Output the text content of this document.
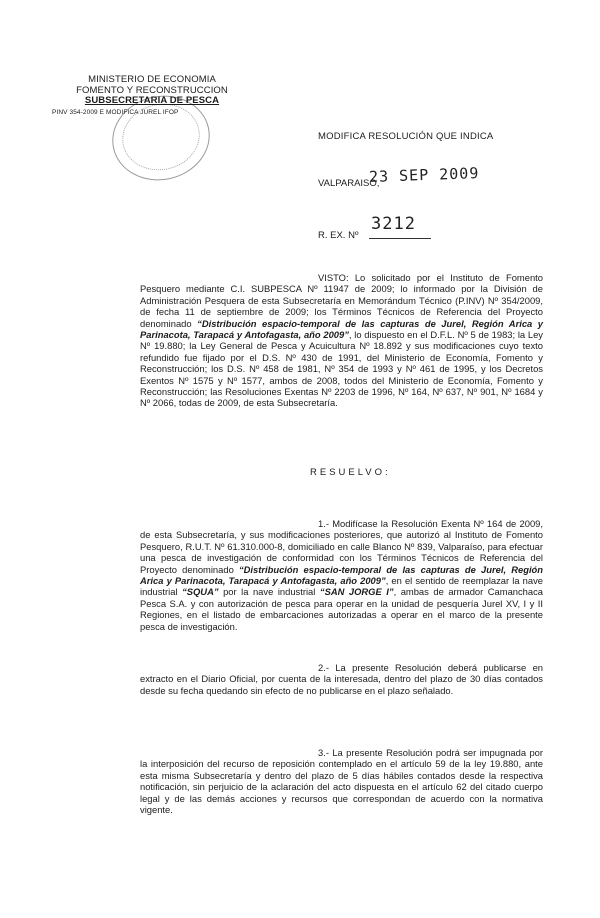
MINISTERIO DE ECONOMIA
FOMENTO Y RECONSTRUCCION
SUBSECRETARIA DE PESCA
PINV 354-2009 E MODIFICA JUREL IFOP
MODIFICA RESOLUCIÓN QUE INDICA
23 SEP 2009
VALPARAISO,
3212
R. EX. Nº

VISTO: Lo solicitado por el Instituto de Fomento Pesquero mediante C.I. SUBPESCA Nº 11947 de 2009; lo informado por la División de Administración Pesquera de esta Subsecretaría en Memorándum Técnico (P.INV) Nº 354/2009, de fecha 11 de septiembre de 2009; los Términos Técnicos de Referencia del Proyecto denominado “Distribución espacio-temporal de las capturas de Jurel, Región Arica y Parinacota, Tarapacá y Antofagasta, año 2009”, lo dispuesto en el D.F.L. Nº 5 de 1983; la Ley Nº 19.880; la Ley General de Pesca y Acuicultura Nº 18.892 y sus modificaciones cuyo texto refundido fue fijado por el D.S. Nº 430 de 1991, del Ministerio de Economía, Fomento y Reconstrucción; los D.S. Nº 458 de 1981, Nº 354 de 1993 y Nº 461 de 1995, y los Decretos Exentos Nº 1575 y Nº 1577, ambos de 2008, todos del Ministerio de Economía, Fomento y Reconstrucción; las Resoluciones Exentas Nº 2203 de 1996, Nº 164, Nº 637, Nº 901, Nº 1684 y Nº 2066, todas de 2009, de esta Subsecretaría.

RESUELVO:

1.- Modifícase la Resolución Exenta Nº 164 de 2009, de esta Subsecretaría, y sus modificaciones posteriores, que autorizó al Instituto de Fomento Pesquero, R.U.T. Nº 61.310.000-8, domiciliado en calle Blanco Nº 839, Valparaíso, para efectuar una pesca de investigación de conformidad con los Términos Técnicos de Referencia del Proyecto denominado “Distribución espacio-temporal de las capturas de Jurel, Región Arica y Parinacota, Tarapacá y Antofagasta, año 2009”, en el sentido de reemplazar la nave industrial “SQUA” por la nave industrial “SAN JORGE I”, ambas de armador Camanchaca Pesca S.A. y con autorización de pesca para operar en la unidad de pesquería Jurel XV, I y II Regiones, en el listado de embarcaciones autorizadas a operar en el marco de la presente pesca de investigación.

2.- La presente Resolución deberá publicarse en extracto en el Diario Oficial, por cuenta de la interesada, dentro del plazo de 30 días contados desde su fecha quedando sin efecto de no publicarse en el plazo señalado.

3.- La presente Resolución podrá ser impugnada por la interposición del recurso de reposición contemplado en el artículo 59 de la ley 19.880, ante esta misma Subsecretaría y dentro del plazo de 5 días hábiles contados desde la respectiva notificación, sin perjuicio de la aclaración del acto dispuesta en el artículo 62 del citado cuerpo legal y de las demás acciones y recursos que correspondan de acuerdo con la normativa vigente.
